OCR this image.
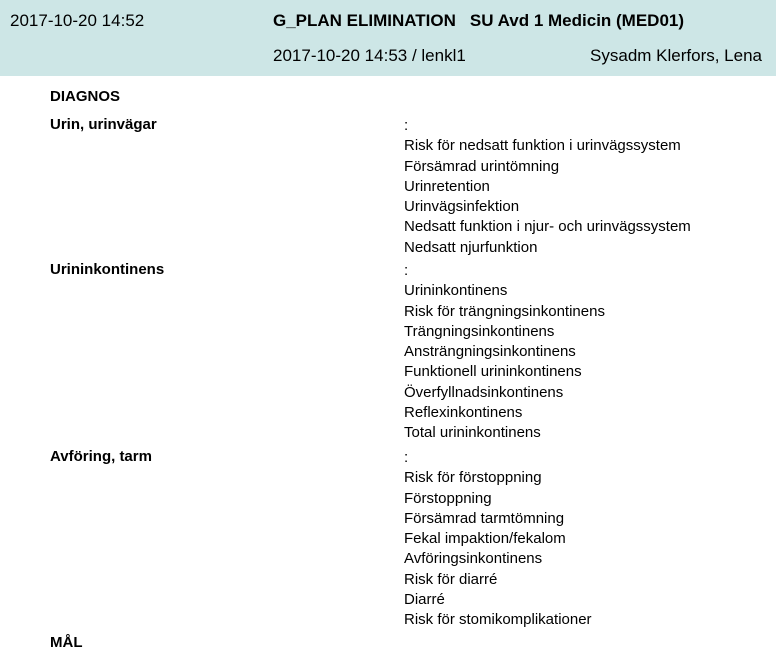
2017-10-20 14:52	G_PLAN ELIMINATION SU Avd 1 Medicin (MED01)
2017-10-20 14:53 / lenkl1	Sysadm Klerfors, Lena
DIAGNOS
Urin, urinvägar	:
Risk för nedsatt funktion i urinvägssystem
Försämrad urintömning
Urinretention
Urinvägsinfektion
Nedsatt funktion i njur- och urinvägssystem
Nedsatt njurfunktion
Urininkontinens	:
Urininkontinens
Risk för trängningsinkontinens
Trängningsinkontinens
Ansträngningsinkontinens
Funktionell urininkontinens
Överfyllnadsinkontinens
Reflexinkontinens
Total urininkontinens
Avföring, tarm	:
Risk för förstoppning
Förstoppning
Försämrad tarmtömning
Fekal impaktion/fekalom
Avföringsinkontinens
Risk för diarré
Diarré
Risk för stomikomplikationer
MÅL
